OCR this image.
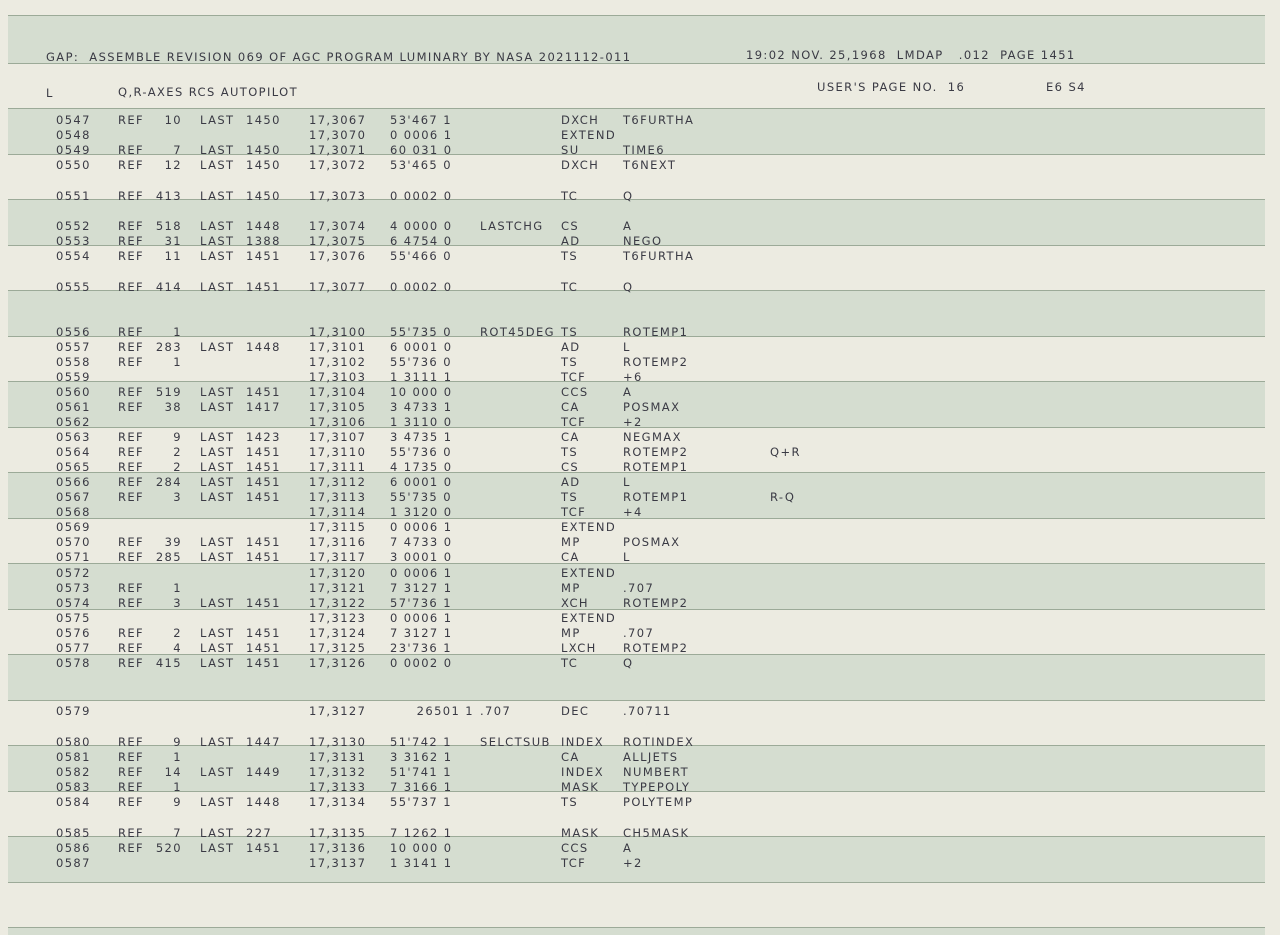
GAP:  ASSEMBLE REVISION 069 OF AGC PROGRAM LUMINARY BY NASA 2021112-011	19:02 NOV. 25,1968  LMDAP   .012  PAGE 1451
L	Q,R-AXES RCS AUTOPILOT	USER'S PAGE NO.  16	E6 S4
0547 REF	10 LAST 1450 17,3067 53'467 1	DXCH T6FURTHA
0548	17,3070 0 0006 1	EXTEND
0549 REF	7 LAST 1450 17,3071 60 031 0	SU	TIME6
0550 REF	12 LAST 1450 17,3072 53'465 0	DXCH T6NEXT
0551 REF	413 LAST 1450 17,3073 0 0002 0	TC	Q
0552 REF	518 LAST 1448 17,3074 4 0000 0 LASTCHG CS	A
0553 REF	31 LAST 1388 17,3075 6 4754 0	AD	NEGO
0554 REF	11 LAST 1451 17,3076 55'466 0	TS	T6FURTHA
0555 REF	414 LAST 1451 17,3077 0 0002 0	TC	Q
0556 REF	1	17,3100 55'735 0 ROT45DEG TS	ROTEMP1
0557 REF	283 LAST 1448 17,3101 6 0001 0	AD	L
0558 REF	1	17,3102 55'736 0	TS	ROTEMP2
0559	17,3103 1 3111 1	TCF	+6
0560 REF	519 LAST 1451 17,3104 10 000 0	CCS	A
0561 REF	38 LAST 1417 17,3105 3 4733 1	CA	POSMAX
0562	17,3106 1 3110 0	TCF	+2
0563 REF	9 LAST 1423 17,3107 3 4735 1	CA	NEGMAX
0564 REF	2 LAST 1451 17,3110 55'736 0	TS	ROTEMP2	Q+R
0565 REF	2 LAST 1451 17,3111 4 1735 0	CS	ROTEMP1
0566 REF	284 LAST 1451 17,3112 6 0001 0	AD	L
0567 REF	3 LAST 1451 17,3113 55'735 0	TS	ROTEMP1	R-Q
0568	17,3114 1 3120 0	TCF	+4
0569	17,3115 0 0006 1	EXTEND
0570 REF	39 LAST 1451 17,3116 7 4733 0	MP	POSMAX
0571 REF	285 LAST 1451 17,3117 3 0001 0	CA	L
0572	17,3120 0 0006 1	EXTEND
0573 REF	1	17,3121 7 3127 1	MP	.707
0574 REF	3 LAST 1451 17,3122 57'736 1	XCH	ROTEMP2
0575	17,3123 0 0006 1	EXTEND
0576 REF	2 LAST 1451 17,3124 7 3127 1	MP	.707
0577 REF	4 LAST 1451 17,3125 23'736 1	LXCH ROTEMP2
0578 REF	415 LAST 1451 17,3126 0 0002 0	TC	Q
0579	17,3127	26501 1 .707	DEC	.70711
0580 REF	9 LAST 1447 17,3130 51'742 1 SELCTSUB INDEX ROTINDEX
0581 REF	1	17,3131 3 3162 1	CA	ALLJETS
0582 REF	14 LAST 1449 17,3132 51'741 1	INDEX NUMBERT
0583 REF	1	17,3133 7 3166 1	MASK TYPEPOLY
0584 REF	9 LAST 1448 17,3134 55'737 1	TS	POLYTEMP
0585 REF	7 LAST 227	17,3135 7 1262 1	MASK CH5MASK
0586 REF	520 LAST 1451 17,3136 10 000 0	CCS	A
0587	17,3137 1 3141 1	TCF	+2
